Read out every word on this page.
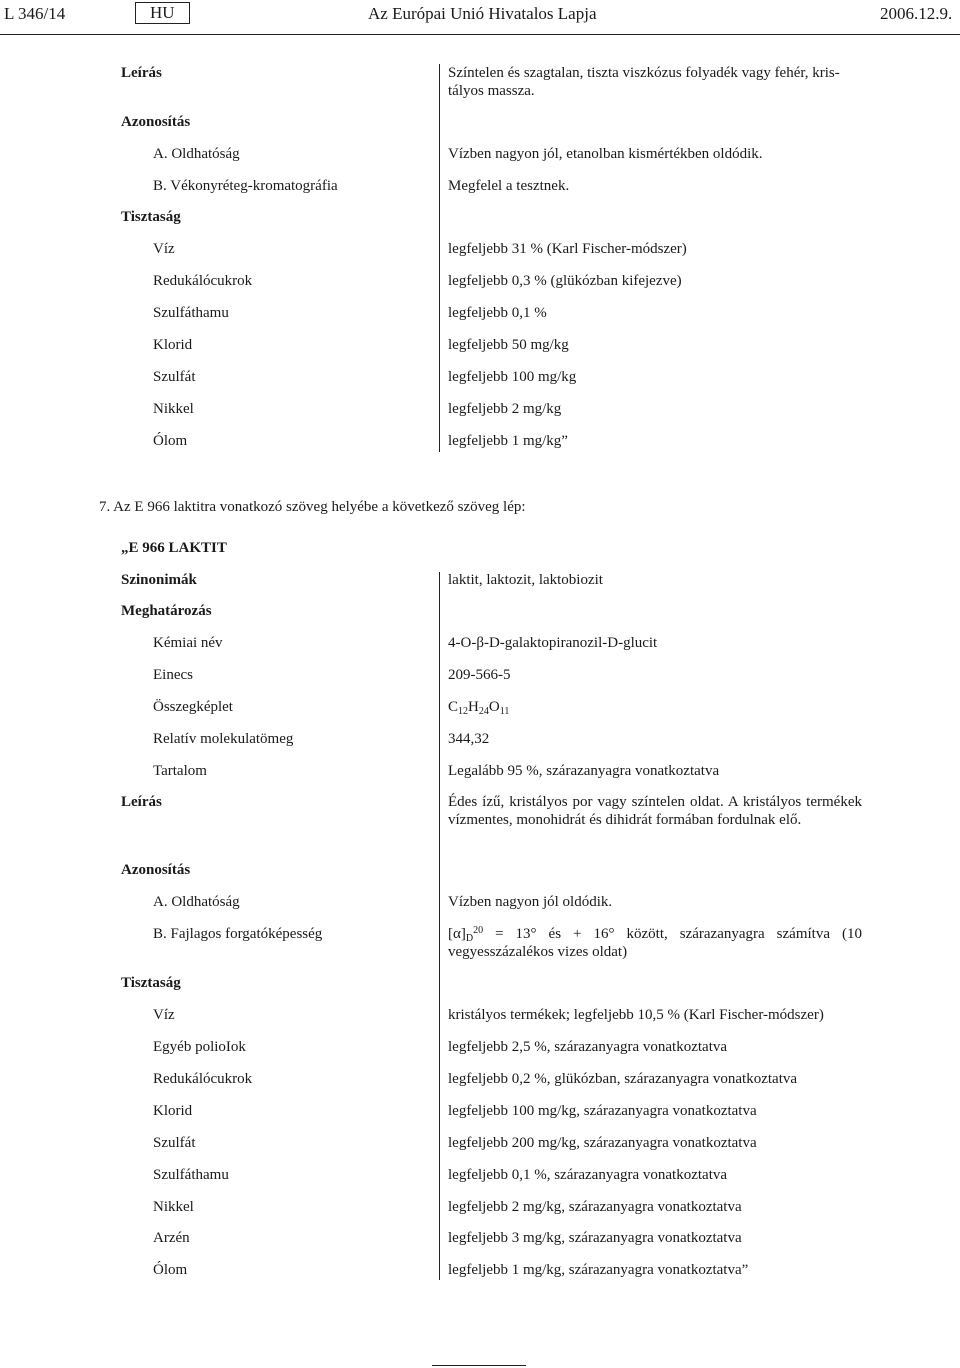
L 346/14	HU	Az Európai Unió Hivatalos Lapja	2006.12.9.
Leírás	Színtelen és szagtalan, tiszta viszkózus folyadék vagy fehér, kristályos massza.
Azonosítás
A. Oldhatóság	Vízben nagyon jól, etanolban kismértékben oldódik.
B. Vékonyréteg-kromatográfia	Megfelel a tesztnek.
Tisztaság
Víz	legfeljebb 31 % (Karl Fischer-módszer)
Redukálócukrok	legfeljebb 0,3 % (glükózban kifejezve)
Szulfáthamu	legfeljebb 0,1 %
Klorid	legfeljebb 50 mg/kg
Szulfát	legfeljebb 100 mg/kg
Nikkel	legfeljebb 2 mg/kg
Ólom	legfeljebb 1 mg/kg”
7. Az E 966 laktitra vonatkozó szöveg helyébe a következő szöveg lép:
„E 966 LAKTIT
Szinonimák	laktit, laktozit, laktobiozit
Meghatározás
Kémiai név	4-O-β-D-galaktopiranozil-D-glucit
Einecs	209-566-5
Összegképlet	$C_{12}H_{24}O_{11}$
Relatív molekulatömeg	344,32
Tartalom	Legalább 95 %, szárazanyagra vonatkoztatva
Leírás	Édes ízű, kristályos por vagy színtelen oldat. A kristályos termékek vízmentes, monohidrát és dihidrát formában fordulnak elő.
Azonosítás
A. Oldhatóság	Vízben nagyon jól oldódik.
B. Fajlagos forgatóképesség	$[\alpha]_D^{20} = 13^\circ$ és + 16° között, szárazanyagra számítva (10 vegyesszázalékos vizes oldat)
Tisztaság
Víz	kristályos termékek; legfeljebb 10,5 % (Karl Fischer-módszer)
Egyéb polioIok	legfeljebb 2,5 %, szárazanyagra vonatkoztatva
Redukálócukrok	legfeljebb 0,2 %, glükózban, szárazanyagra vonatkoztatva
Klorid	legfeljebb 100 mg/kg, szárazanyagra vonatkoztatva
Szulfát	legfeljebb 200 mg/kg, szárazanyagra vonatkoztatva
Szulfáthamu	legfeljebb 0,1 %, szárazanyagra vonatkoztatva
Nikkel	legfeljebb 2 mg/kg, szárazanyagra vonatkoztatva
Arzén	legfeljebb 3 mg/kg, szárazanyagra vonatkoztatva
Ólom	legfeljebb 1 mg/kg, szárazanyagra vonatkoztatva”
